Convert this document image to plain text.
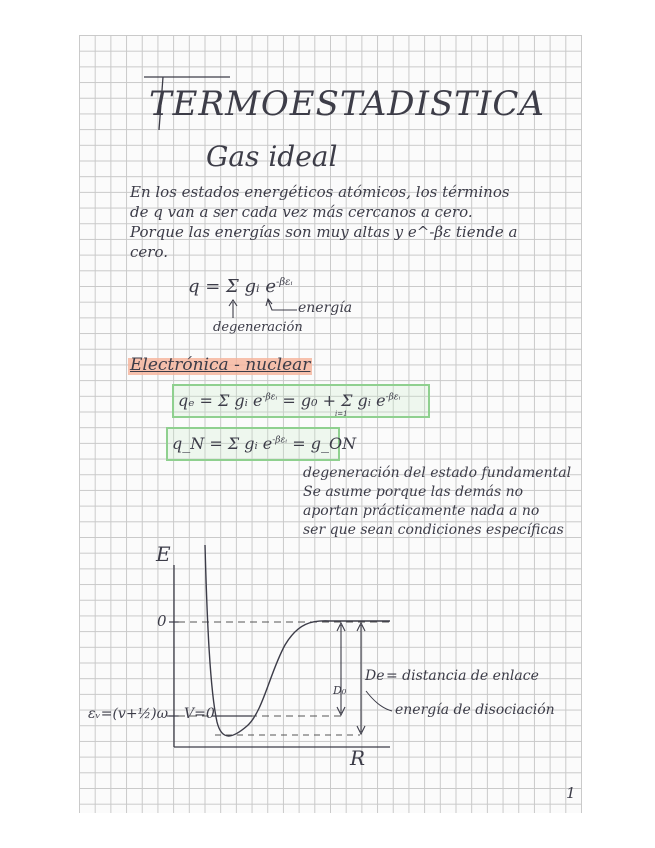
TERMOESTADISTICA
Gas ideal

En los estados energéticos atómicos, los términos

de q van a ser cada vez más cercanos a cero.

Porque las energías son muy altas y e^-βε tiende a

cero.

q = Σ gᵢ $e^{-\beta\varepsilon ᵢ}$
energía
degeneración
Electrónica - nuclear
qₑ = Σ gᵢ $e^{-\beta\varepsilon ᵢ} = g_0 + \Sigma$ gᵢ $e^{-\beta\varepsilon ᵢ}$
i=1
q_N = Σ gᵢ $e^{-\beta\varepsilon ᵢ}$ = g_ON

degeneración del estado fundamental

Se asume porque las demás no

aportan prácticamente nada a no

ser que sean condiciones específicas

E
R
0
V=0
εᵥ=(v+½)ω
De
D₀
= distancia de enlace
energía de disociación
1
